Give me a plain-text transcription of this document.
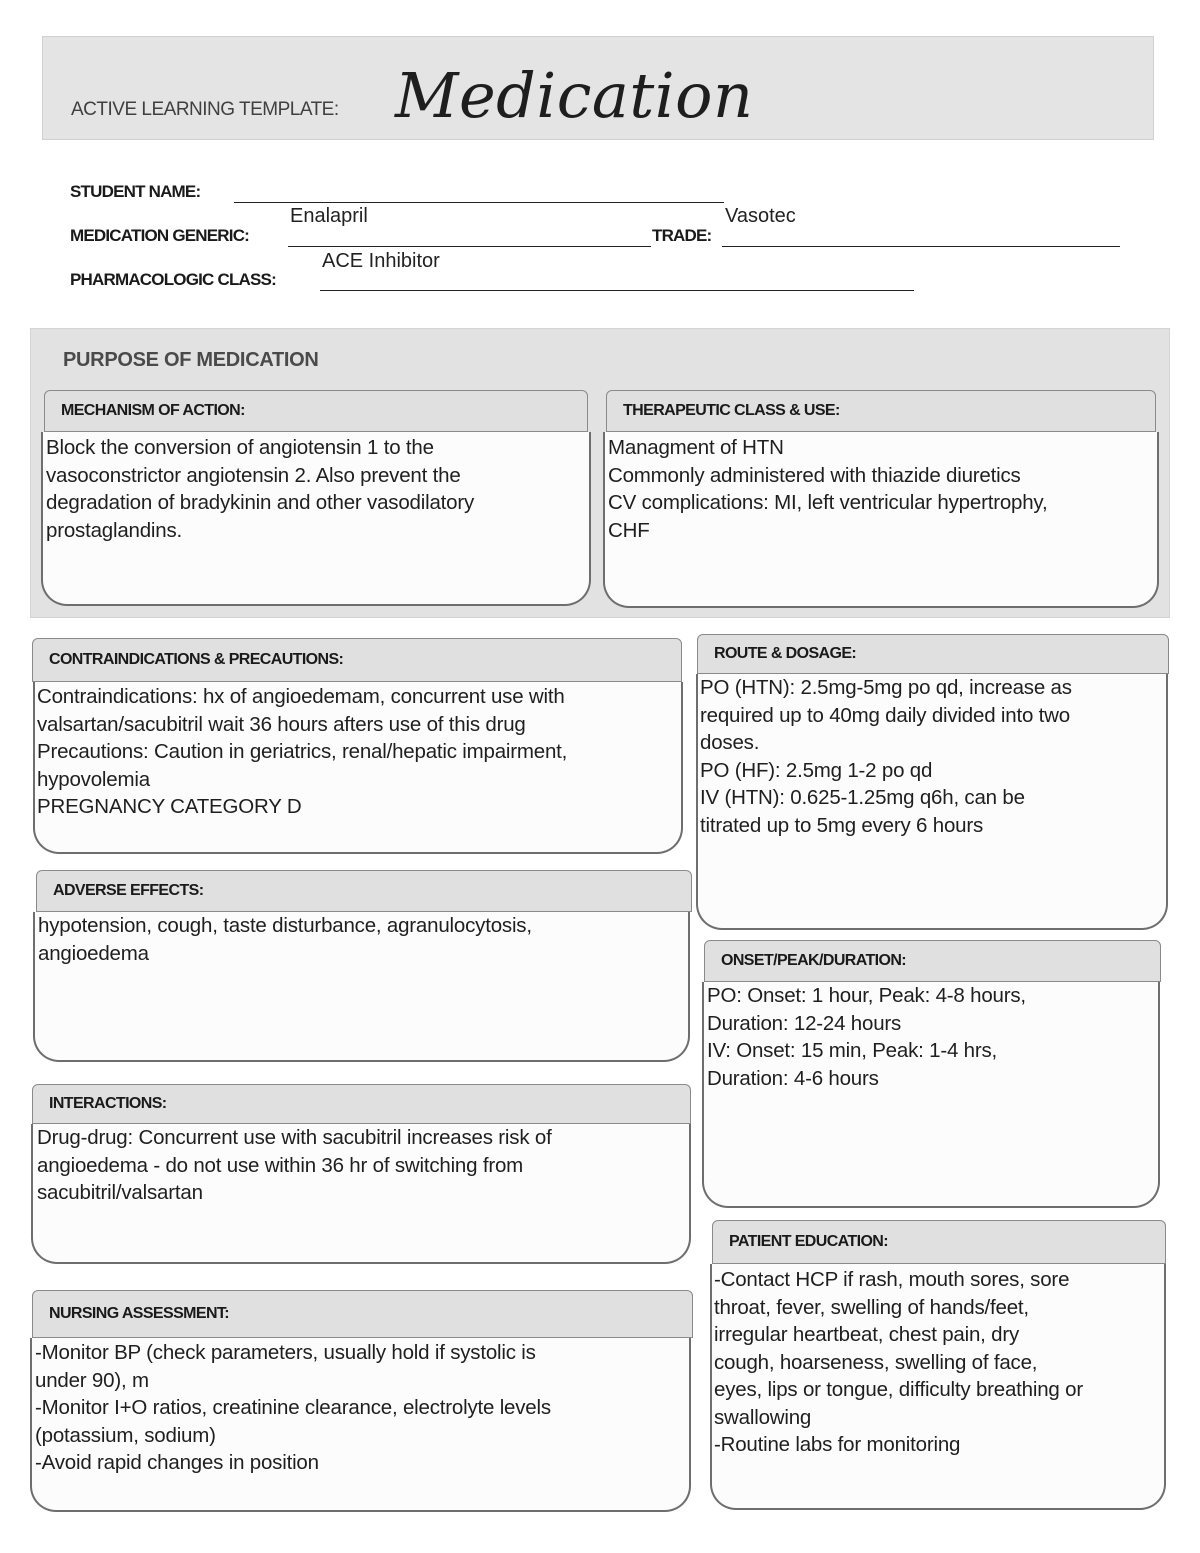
ACTIVE LEARNING TEMPLATE: Medication
STUDENT NAME:
Enalapril
MEDICATION GENERIC:	TRADE:
Vasotec
ACE Inhibitor
PHARMACOLOGIC CLASS:
PURPOSE OF MEDICATION
MECHANISM OF ACTION:
Block the conversion of angiotensin 1 to the
vasoconstrictor angiotensin 2. Also prevent the
degradation of bradykinin and other vasodilatory
prostaglandins.
THERAPEUTIC CLASS & USE:
Managment of HTN
Commonly administered with thiazide diuretics
CV complications: MI, left ventricular hypertrophy,
CHF
CONTRAINDICATIONS & PRECAUTIONS:
Contraindications: hx of angioedemam, concurrent use with
valsartan/sacubitril wait 36 hours afters use of this drug
Precautions: Caution in geriatrics, renal/hepatic impairment,
hypovolemia
PREGNANCY CATEGORY D
ROUTE & DOSAGE:
PO (HTN): 2.5mg-5mg po qd, increase as
required up to 40mg daily divided into two
doses.
PO (HF): 2.5mg 1-2 po qd
IV (HTN): 0.625-1.25mg q6h, can be
titrated up to 5mg every 6 hours
ADVERSE EFFECTS:
hypotension, cough, taste disturbance, agranulocytosis,
angioedema	ONSET/PEAK/DURATION:
PO: Onset: 1 hour, Peak: 4-8 hours,
Duration: 12-24 hours
IV: Onset: 15 min, Peak: 1-4 hrs,
Duration: 4-6 hours
INTERACTIONS:
Drug-drug: Concurrent use with sacubitril increases risk of
angioedema - do not use within 36 hr of switching from
sacubitril/valsartan
PATIENT EDUCATION:
-Contact HCP if rash, mouth sores, sore
throat, fever, swelling of hands/feet,
irregular heartbeat, chest pain, dry
cough, hoarseness, swelling of face,
eyes, lips or tongue, difficulty breathing or
swallowing
-Routine labs for monitoring
NURSING ASSESSMENT:
-Monitor BP (check parameters, usually hold if systolic is
under 90), m
-Monitor I+O ratios, creatinine clearance, electrolyte levels
(potassium, sodium)
-Avoid rapid changes in position
